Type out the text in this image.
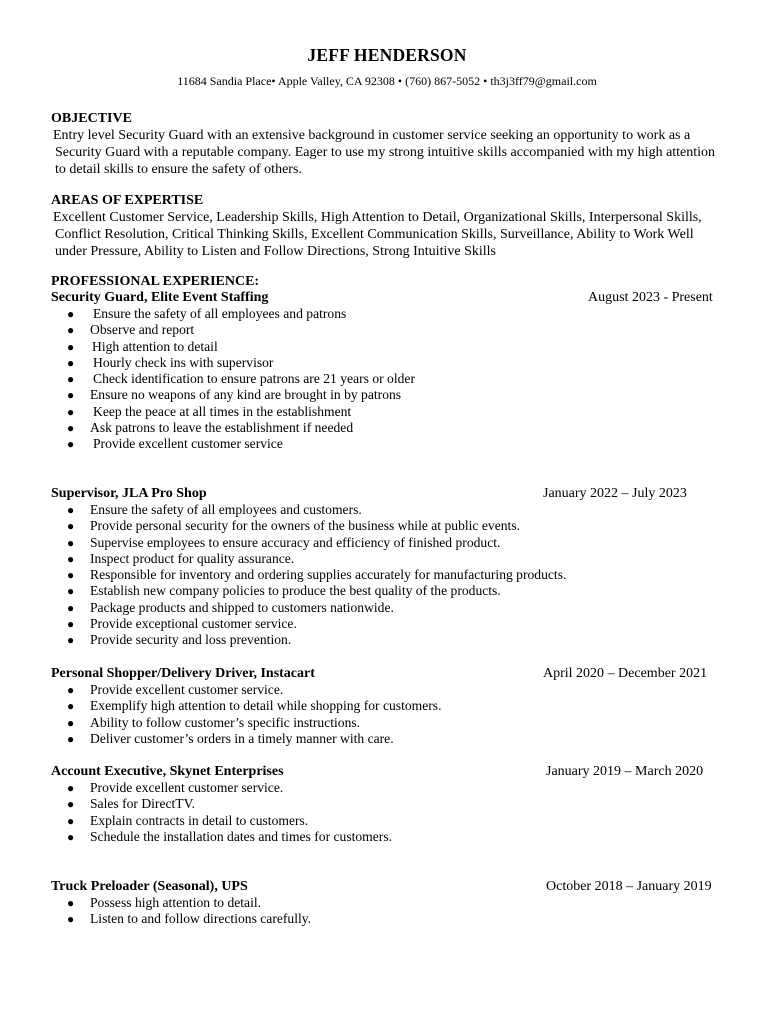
JEFF HENDERSON
11684 Sandia Place• Apple Valley, CA 92308 • (760) 867-5052 • th3j3ff79@gmail.com
OBJECTIVE
Entry level Security Guard with an extensive background in customer service seeking an opportunity to work as a
Security Guard with a reputable company. Eager to use my strong intuitive skills accompanied with my high attention
to detail skills to ensure the safety of others.
AREAS OF EXPERTISE
Excellent Customer Service, Leadership Skills, High Attention to Detail, Organizational Skills, Interpersonal Skills,
Conflict Resolution, Critical Thinking Skills, Excellent Communication Skills, Surveillance, Ability to Work Well
under Pressure, Ability to Listen and Follow Directions, Strong Intuitive Skills
PROFESSIONAL EXPERIENCE:
Security Guard, Elite Event Staffing	August 2023 - Present
● Ensure the safety of all employees and patrons
● Observe and report
● High attention to detail
● Hourly check ins with supervisor
● Check identification to ensure patrons are 21 years or older
● Ensure no weapons of any kind are brought in by patrons
● Keep the peace at all times in the establishment
● Ask patrons to leave the establishment if needed
● Provide excellent customer service
Supervisor, JLA Pro Shop	January 2022 – July 2023
● Ensure the safety of all employees and customers.
● Provide personal security for the owners of the business while at public events.
● Supervise employees to ensure accuracy and efficiency of finished product.
● Inspect product for quality assurance.
● Responsible for inventory and ordering supplies accurately for manufacturing products.
● Establish new company policies to produce the best quality of the products.
● Package products and shipped to customers nationwide.
● Provide exceptional customer service.
● Provide security and loss prevention.
Personal Shopper/Delivery Driver, Instacart	April 2020 – December 2021
● Provide excellent customer service.
● Exemplify high attention to detail while shopping for customers.
● Ability to follow customer’s specific instructions.
● Deliver customer’s orders in a timely manner with care.
Account Executive, Skynet Enterprises	January 2019 – March 2020
● Provide excellent customer service.
● Sales for DirectTV.
● Explain contracts in detail to customers.
● Schedule the installation dates and times for customers.
Truck Preloader (Seasonal), UPS	October 2018 – January 2019
● Possess high attention to detail.
● Listen to and follow directions carefully.
